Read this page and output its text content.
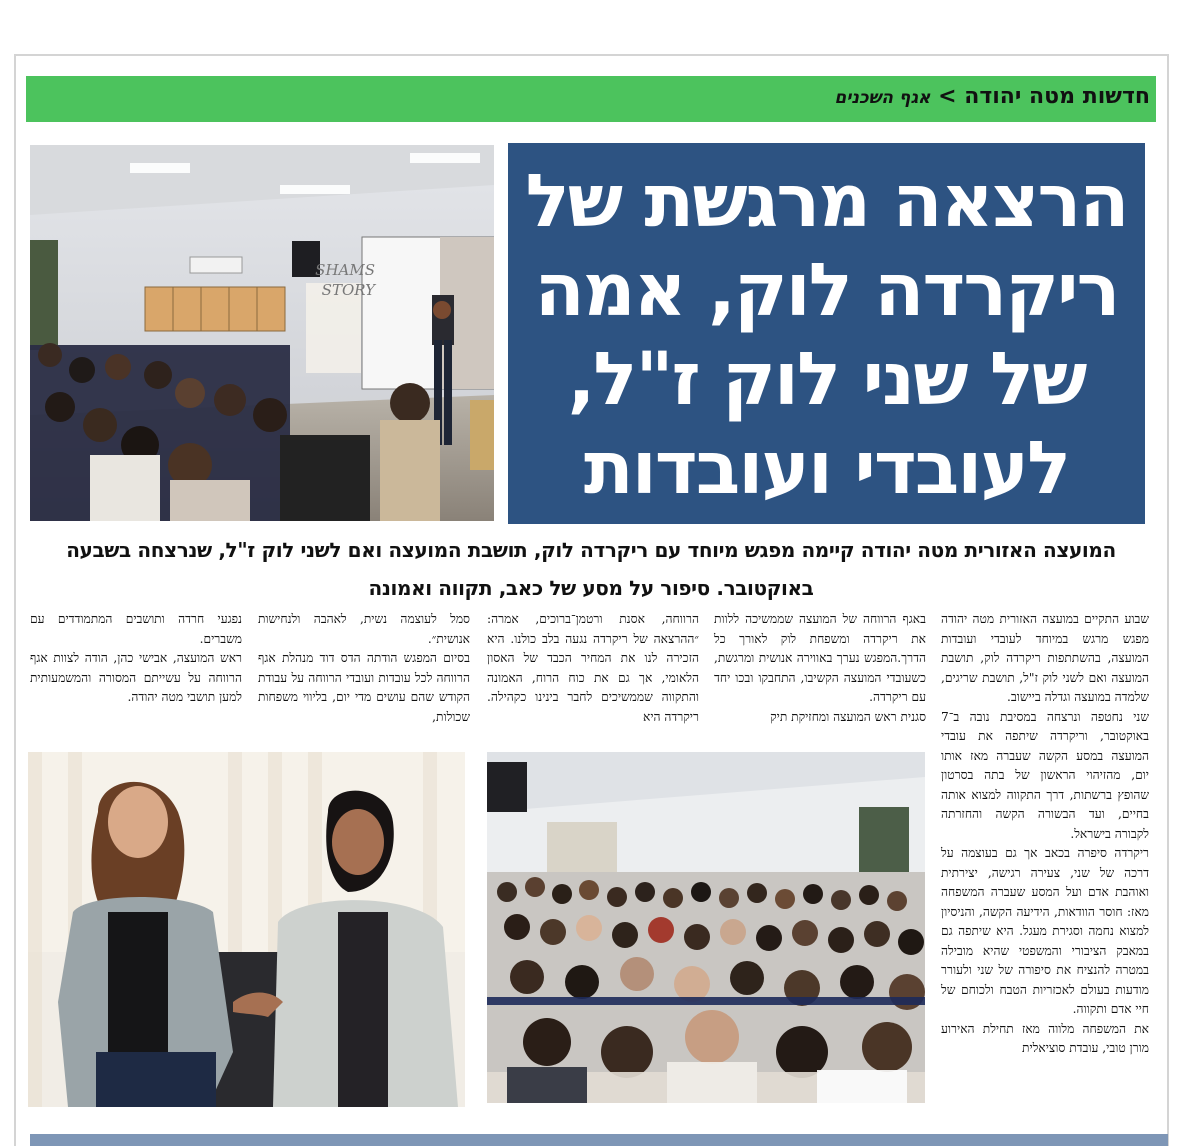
חדשות מטה יהודה > אגף השכנים
SHAMS
STORY
הרצאה מרגשת של ריקרדה לוק, אמה של שני לוק ז"ל, לעובדי ועובדות המועצה

המועצה האזורית מטה יהודה קיימה מפגש מיוחד עם ריקרדה לוק, תושבת המועצה ואם לשני לוק ז"ל, שנרצחה בשבעה באוקטובר. סיפור על מסע של כאב, תקווה ואמונה

שבוע התקיים במועצה האזורית מטה יהודה מפגש מרגש במיוחד לעובדי ועובדות המועצה, בהשתתפות ריקרדה לוק, תושבת המועצה ואם לשני לוק ז"ל, תושבת שריגים, שלמדה במועצה וגדלה ביישוב.

שני נחטפה ונרצחה במסיבת נובה ב־7 באוקטובר, וריקרדה שיתפה את עובדי המועצה במסע הקשה שעברה מאז אותו יום, מהזיהוי הראשון של בתה בסרטון שהופץ ברשתות, דרך התקווה למצוא אותה בחיים, ועד הבשורה הקשה והחזרתה לקבורה בישראל.

ריקרדה סיפרה בכאב אך גם בעוצמה על דרכה של שני, צעירה רגישה, יצירתית ואוהבת אדם ועל המסע שעברה המשפחה מאז: חוסר הוודאות, הידיעה הקשה, והניסיון למצוא נחמה וסגירת מעגל. היא שיתפה גם במאבק הציבורי והמשפטי שהיא מובילה במטרה להנציח את סיפורה של שני ולעורר מודעות בעולם לאכזריות הטבח ולכוחם של חיי אדם ותקווה.

את המשפחה מלווה מאז תחילת האירוע מורן טובי, עובדת סוציאלית

באגף הרווחה של המועצה שממשיכה ללוות את ריקרדה ומשפחת לוק לאורך כל הדרך.המפגש נערך באווירה אנושית ומרגשת, כשעובדי המועצה הקשיבו, התחבקו ובכו יחד עם ריקרדה.

סגנית ראש המועצה ומחזיקת תיק

הרווחה, אסנת ורטמן־ברוכים, אמרה: ״ההרצאה של ריקרדה נגעה בלב כולנו. היא הזכירה לנו את המחיר הכבד של האסון הלאומי, אך גם את כוח הרוח, האמונה והתקווה שממשיכים לחבר בינינו כקהילה. ריקרדה היא

סמל לעוצמה נשית, לאהבה ולנחישות אנושית״.

בסיום המפגש הודתה הדס דוד מנהלת אגף הרווחה לכל עובדות ועובדי הרווחה על עבודת הקודש שהם עושים מדי יום, בליווי משפחות שכולות,

נפגעי חרדה ותושבים המתמודדים עם משברים.

ראש המועצה, אבישי כהן, הודה לצוות אגף הרווחה על עשייתם המסורה והמשמעותית למען תושבי מטה יהודה.
